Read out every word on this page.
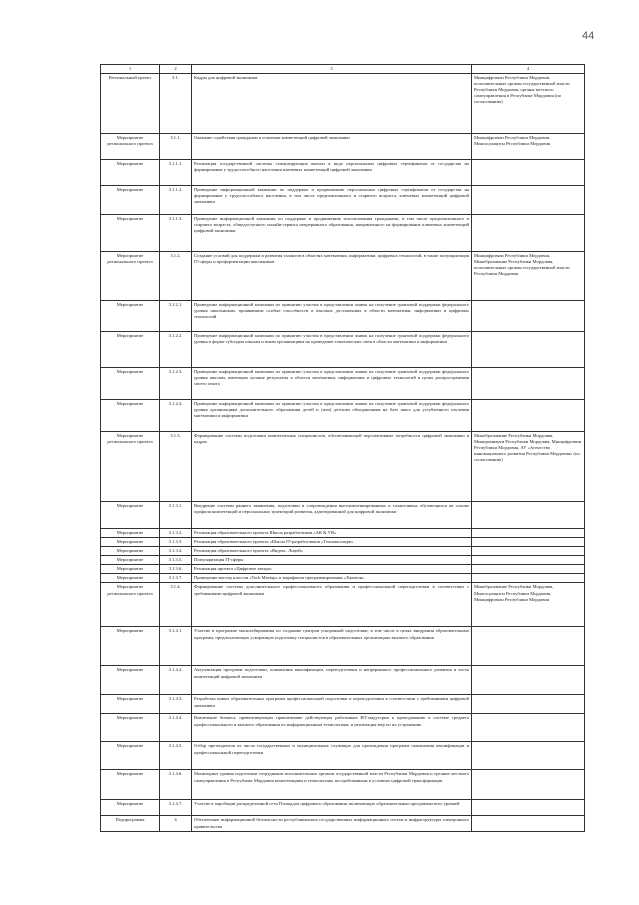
44
1	2	3	4
Региональный проект	3.1.	Кадры для цифровой экономики	Минцифрсвязи Республики Мордовия, исполнительные органы государственной власти Республики Мордовия, органы местного самоуправления в Республике Мордовия (по согласованию)
Мероприятие регионального проекта	3.1.1.	Оказание содействия гражданам в освоении компетенций цифровой экономики	Минцифрсвязи Республики Мордовия, Минсоцзащиты Республики Мордовия
Мероприятие	3.1.1.1.	Реализация государственной системы стимулирующих выплат в виде персональных цифровых сертификатов от государства на формирование у трудоспособного населения ключевых компетенций цифровой экономики	
Мероприятие	3.1.1.2.	Проведение информационной кампании по поддержке и продвижению персональных цифровых сертификатов от государства на формирование у трудоспособного населения, в том числе предпенсионного и старшего возраста, ключевых компетенций цифровой экономики	
Мероприятие	3.1.1.3.	Проведение информационной кампании по поддержке и продвижению использования гражданами, в том числе предпенсионного и старшего возраста, общедоступного онлайн-сервиса непрерывного образования, направленного на формирование ключевых компетенций цифровой экономики	
Мероприятие регионального проекта	3.1.2.	Создание условий для поддержки и развития талантов в областях математики, информатики, цифровых технологий, в также популяризация IT-сферы и профориентации школьников	Минцифрсвязи Республики Мордовия, Минобразование Республики Мордовия, исполнительные органы государственной власти Республики Мордовия
Мероприятие	3.1.2.1.	Проведение информационной кампании по принятию участия в представлении заявок на получение грантовой поддержки федерального уровня школьникам, проявившим особые способности в высоких достижениях в области математики, информатики и цифровых технологий	
Мероприятие	3.1.2.2.	Проведение информационной кампании по принятию участия в представлении заявок на получение грантовой поддержки федерального уровня в форме субсидии школам и иным организациям на проведение тематических смен в области математики и информатики	
Мероприятие	3.1.2.3.	Проведение информационной кампании по принятию участия в представлении заявок на получение грантовой поддержки федерального уровня школам, имеющим лучшие результаты в области математики, информатики и цифровых технологий в целях распространения своего опыта	
Мероприятие	3.1.2.4.	Проведение информационной кампании по принятию участия в представлении заявок на получение грантовой поддержки федерального уровня организациям дополнительного образования детей и (или) детским объединениям на базе школ для углубленного изучения математики и информатики	
Мероприятие регионального проекта	3.1.3.	Формирование системы подготовки компетентных специалистов, обеспечивающей перспективные потребности цифровой экономики в кадрах	Минобразование Республики Мордовия, Минпромнауки Республики Мордовия, Минцифрсвязи Республики Мордовия, АУ «Агентство инновационного развития Республики Мордовия» (по согласованию)
Мероприятие	3.1.3.1.	Внедрение системы раннего выявления, подготовки и сопровождения высокомотивированных и талантливых обучающихся на основе профиля компетенций и персональных траекторий развития, адаптированной для цифровой экономики	
Мероприятие	3.1.3.2.	Реализация образовательного проекта Школа разработчиков «AR & VR»	
Мероприятие	3.1.3.3.	Реализация образовательного проекта «Школа IT-разработчиков «Техноколледж»	
Мероприятие	3.1.3.4.	Реализация образовательного проекта «Яндекс. Лицей»	
Мероприятие	3.1.3.5.	Популяризация IT-сферы	
Мероприятие	3.1.3.6.	Реализация проекта «Цифровое завтра»	
Мероприятие	3.1.3.7.	Проведение мастер классов «Tech Meetup» и марафонов программирования «Хакатон»	
Мероприятие регионального проекта	3.1.4.	Формирование системы дополнительного профессионального образования и профессиональной переподготовки в соответствии с требованиями цифровой экономики	Минобразование Республики Мордовия, Минсоцзащиты Республики Мордовия, Минцифрсвязи Республики Мордовия
Мероприятие	3.1.4.1.	Участие в программе масштабирования по созданию центров ускоренной подготовки, в том числе в целях внедрения образовательных программ, предполагающих ускоренную подготовку специалистов в образовательных организациях высшего образования	
Мероприятие	3.1.4.2.	Актуализация программ подготовки, повышения квалификации, переподготовки и непрерывного профессионального развития в части компетенций цифровой экономики	
Мероприятие	3.1.4.3.	Разработка новых образовательных программ профессиональной подготовки и переподготовки в соответствии с требованиями цифровой экономики	
Мероприятие	3.1.4.4.	Вовлечение бизнеса, превентивующих привлечению действующих работников ИТ-индустрии к преподаванию в системе среднего профессионального и высшего образования по информационным технологиям, и реализация мер по их устранению	
Мероприятие	3.1.4.5.	Отбор претендентов из числа государственных и муниципальных служащих для прохождения программ повышения квалификации и профессиональной переподготовки	
Мероприятие	3.1.4.6.	Мониторинг уровня подготовки сотрудников исполнительных органов государственной власти Республики Мордовия и органов местного самоуправления в Республике Мордовия компетенциям и технологиям, востребованным в условиях цифровой трансформации	
Мероприятие	3.1.4.7.	Участие в апробации распределенной сети Площадок цифрового образования, включающих образовательные программы всех уровней	
Подпрограмма	4	Обеспечение информационной безопасности республиканских государственных информационных систем и инфраструктуры электронного правительства	
